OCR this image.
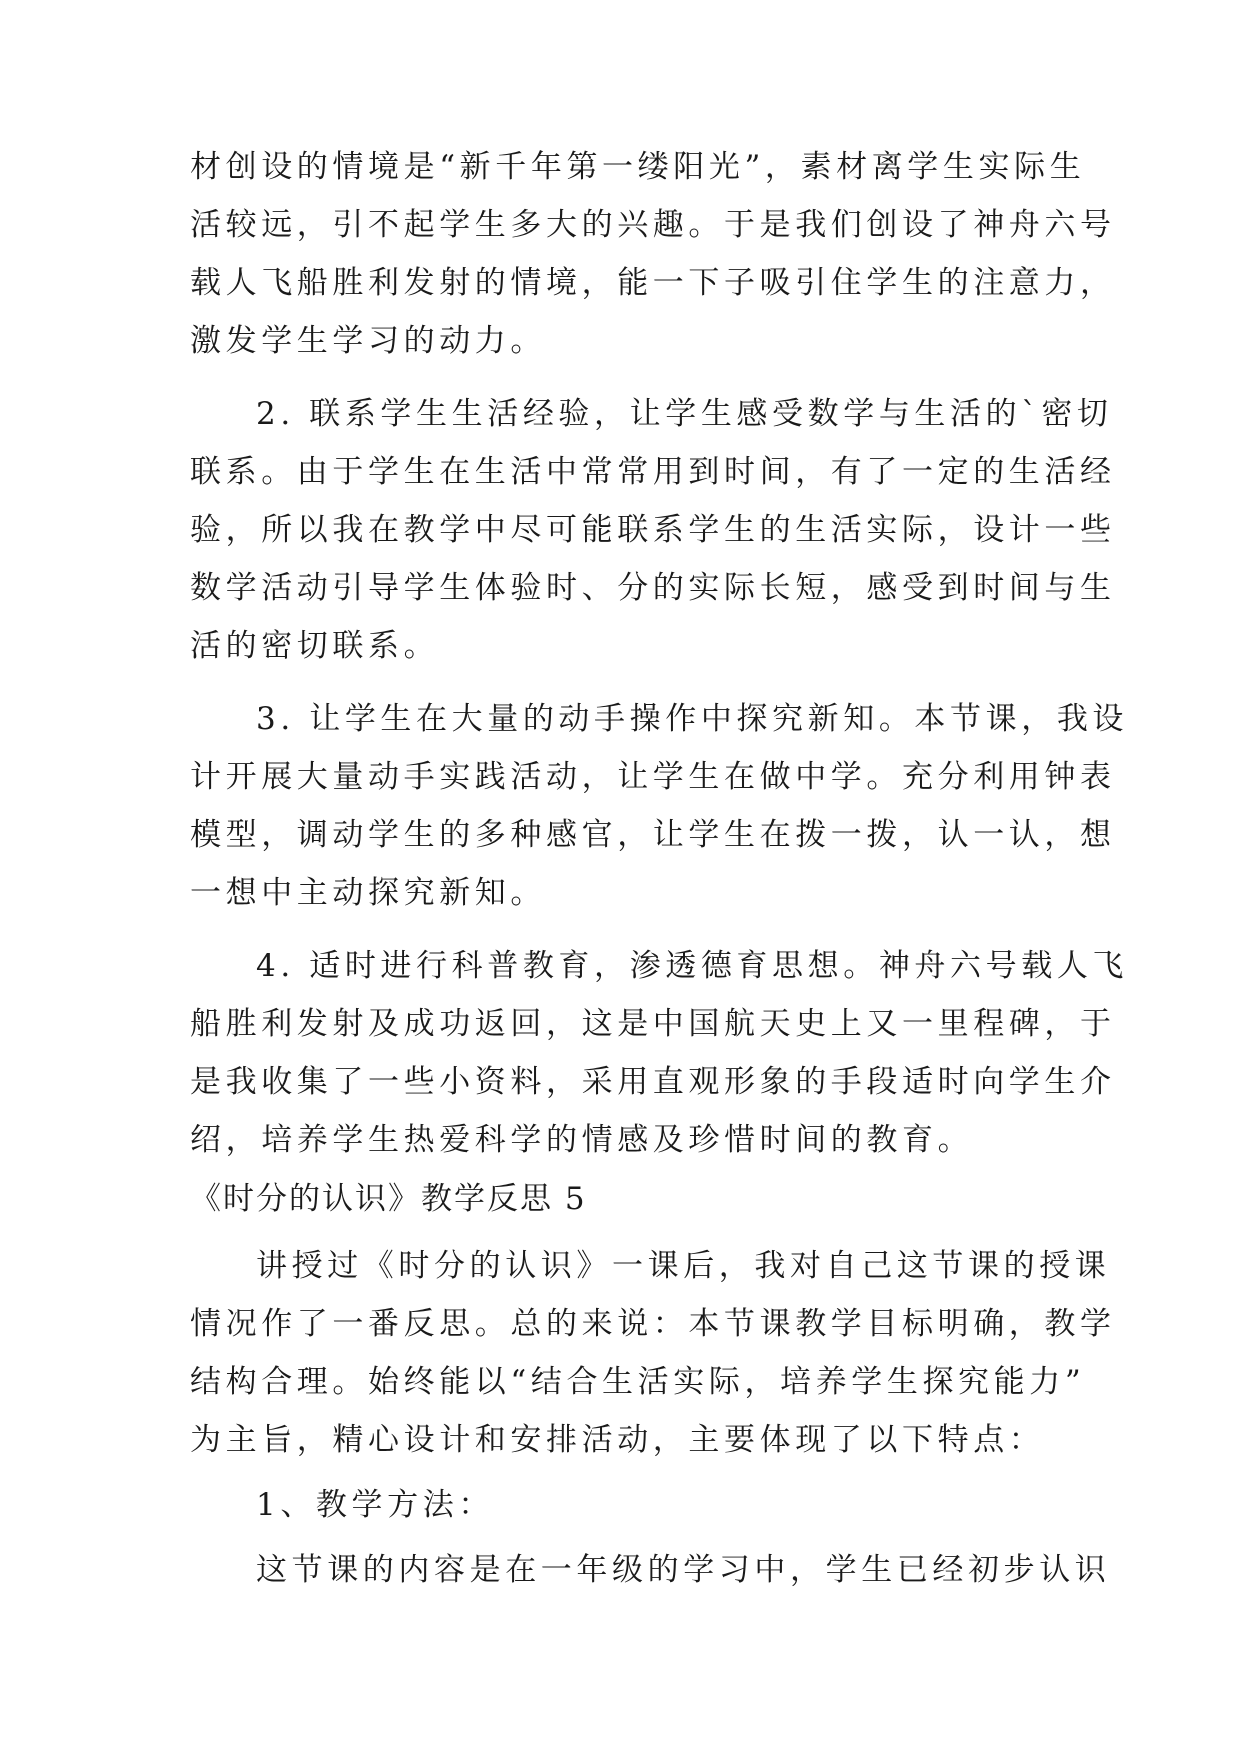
材创设的情境是“新千年第一缕阳光”，素材离学生实际生
活较远，引不起学生多大的兴趣。于是我们创设了神舟六号
载人飞船胜利发射的情境，能一下子吸引住学生的注意力，
激发学生学习的动力。
2. 联系学生生活经验，让学生感受数学与生活的`密切
联系。由于学生在生活中常常用到时间，有了一定的生活经
验，所以我在教学中尽可能联系学生的生活实际，设计一些
数学活动引导学生体验时、分的实际长短，感受到时间与生
活的密切联系。
3. 让学生在大量的动手操作中探究新知。本节课，我设
计开展大量动手实践活动，让学生在做中学。充分利用钟表
模型，调动学生的多种感官，让学生在拨一拨，认一认，想
一想中主动探究新知。
4. 适时进行科普教育，渗透德育思想。神舟六号载人飞
船胜利发射及成功返回，这是中国航天史上又一里程碑，于
是我收集了一些小资料，采用直观形象的手段适时向学生介
绍，培养学生热爱科学的情感及珍惜时间的教育。
《时分的认识》教学反思 5
讲授过《时分的认识》一课后，我对自己这节课的授课
情况作了一番反思。总的来说：本节课教学目标明确，教学
结构合理。始终能以“结合生活实际，培养学生探究能力”
为主旨，精心设计和安排活动，主要体现了以下特点：
1、教学方法：
这节课的内容是在一年级的学习中，学生已经初步认识
